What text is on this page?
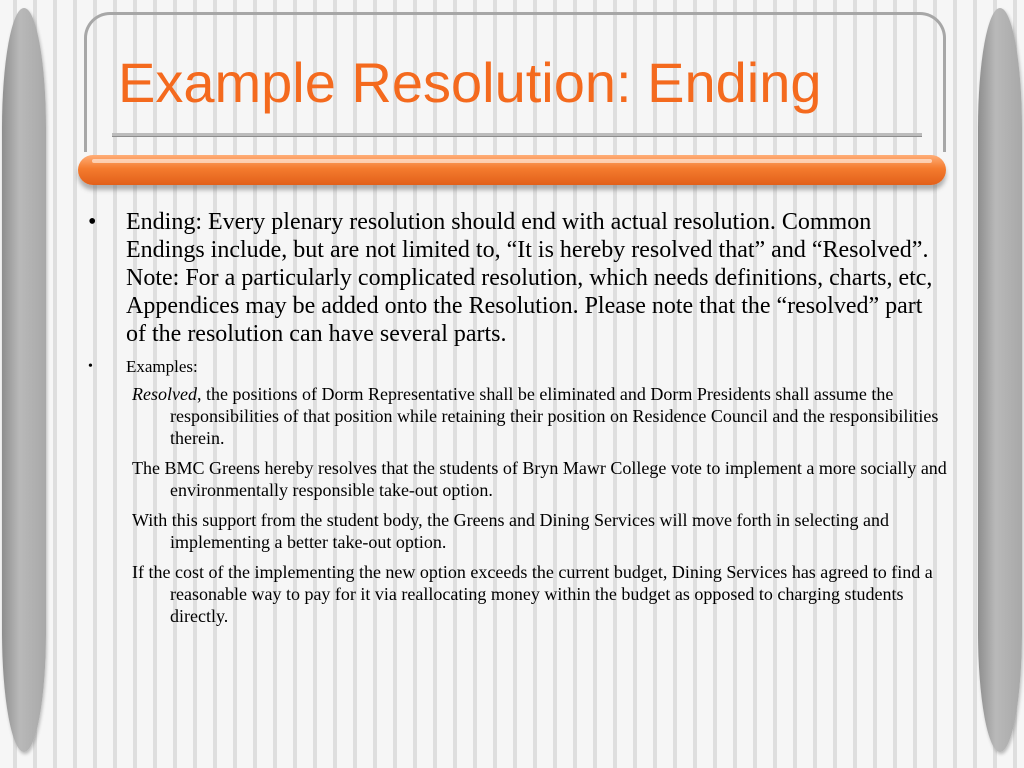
Example Resolution: Ending
• Ending: Every plenary resolution should end with actual resolution. Common Endings include, but are not limited to, “It is hereby resolved that” and “Resolved”. Note: For a particularly complicated resolution, which needs definitions, charts, etc, Appendices may be added onto the Resolution. Please note that the “resolved” part of the resolution can have several parts.
• Examples:

Resolved, the positions of Dorm Representative shall be eliminated and Dorm Presidents shall assume the responsibilities of that position while retaining their position on Residence Council and the responsibilities therein.

The BMC Greens hereby resolves that the students of Bryn Mawr College vote to implement a more socially and environmentally responsible take-out option.

With this support from the student body, the Greens and Dining Services will move forth in selecting and implementing a better take-out option.

If the cost of the implementing the new option exceeds the current budget, Dining Services has agreed to find a reasonable way to pay for it via reallocating money within the budget as opposed to charging students directly.
